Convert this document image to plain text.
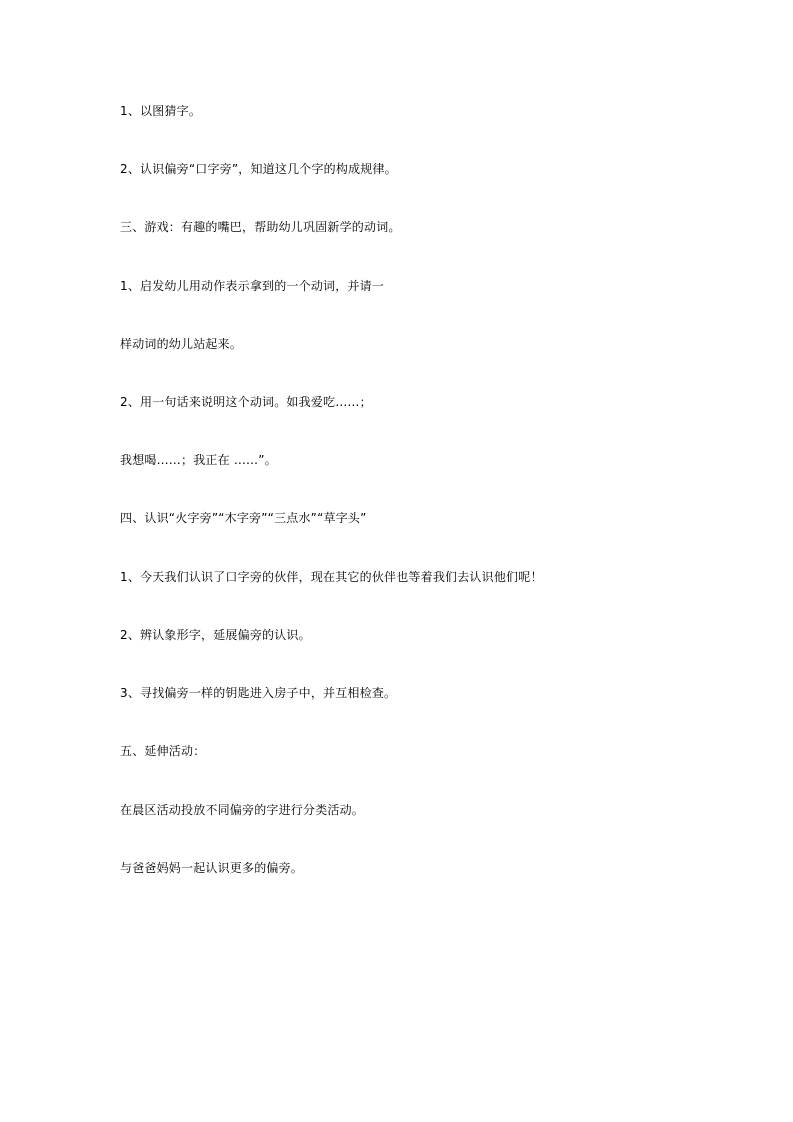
1、以图猜字。
2、认识偏旁“口字旁”，知道这几个字的构成规律。
三、游戏：有趣的嘴巴，帮助幼儿巩固新学的动词。
1、启发幼儿用动作表示拿到的一个动词，并请一
样动词的幼儿站起来。
2、用一句话来说明这个动词。如我爱吃……；
我想喝……；我正在 ……”。
四、认识“火字旁”“木字旁”“三点水”“草字头”
1、今天我们认识了口字旁的伙伴，现在其它的伙伴也等着我们去认识他们呢！
2、辨认象形字，延展偏旁的认识。
3、寻找偏旁一样的钥匙进入房子中，并互相检查。
五、延伸活动：
在晨区活动投放不同偏旁的字进行分类活动。
与爸爸妈妈一起认识更多的偏旁。
